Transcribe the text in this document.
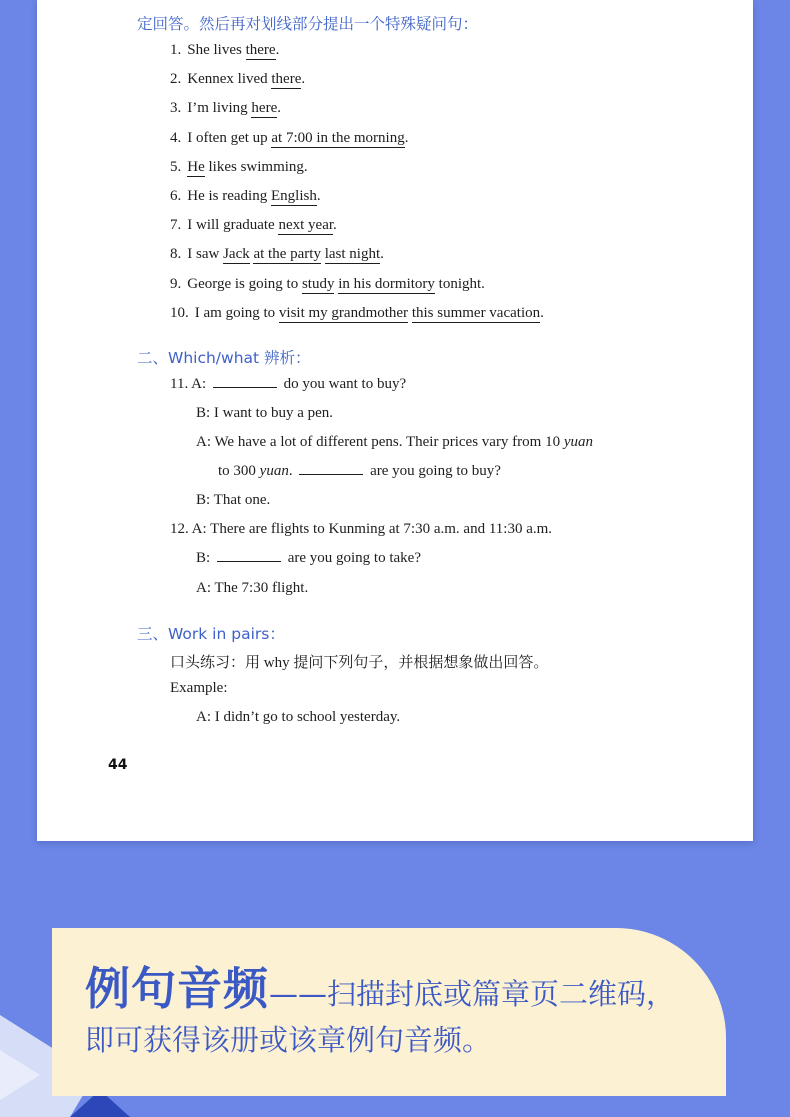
定回答。然后再对划线部分提出一个特殊疑问句：
1. She lives there.
2. Kennex lived there.
3. I’m living here.
4. I often get up at 7:00 in the morning.
5. He likes swimming.
6. He is reading English.
7. I will graduate next year.
8. I saw Jack at the party last night.
9. George is going to study in his dormitory tonight.
10. I am going to visit my grandmother this summer vacation.
二、Which/what 辨析：
11. A:	do you want to buy?
B: I want to buy a pen.
A: We have a lot of different pens. Their prices vary from 10 yuan
to 300 yuan.	are you going to buy?
B: That one.
12. A: There are flights to Kunming at 7:30 a.m. and 11:30 a.m.
B:	are you going to take?
A: The 7:30 flight.
三、Work in pairs：
口头练习：用 why 提问下列句子，并根据想象做出回答。
Example:
A: I didn’t go to school yesterday.
44
例句音频——扫描封底或篇章页二维码，
即可获得该册或该章例句音频。
